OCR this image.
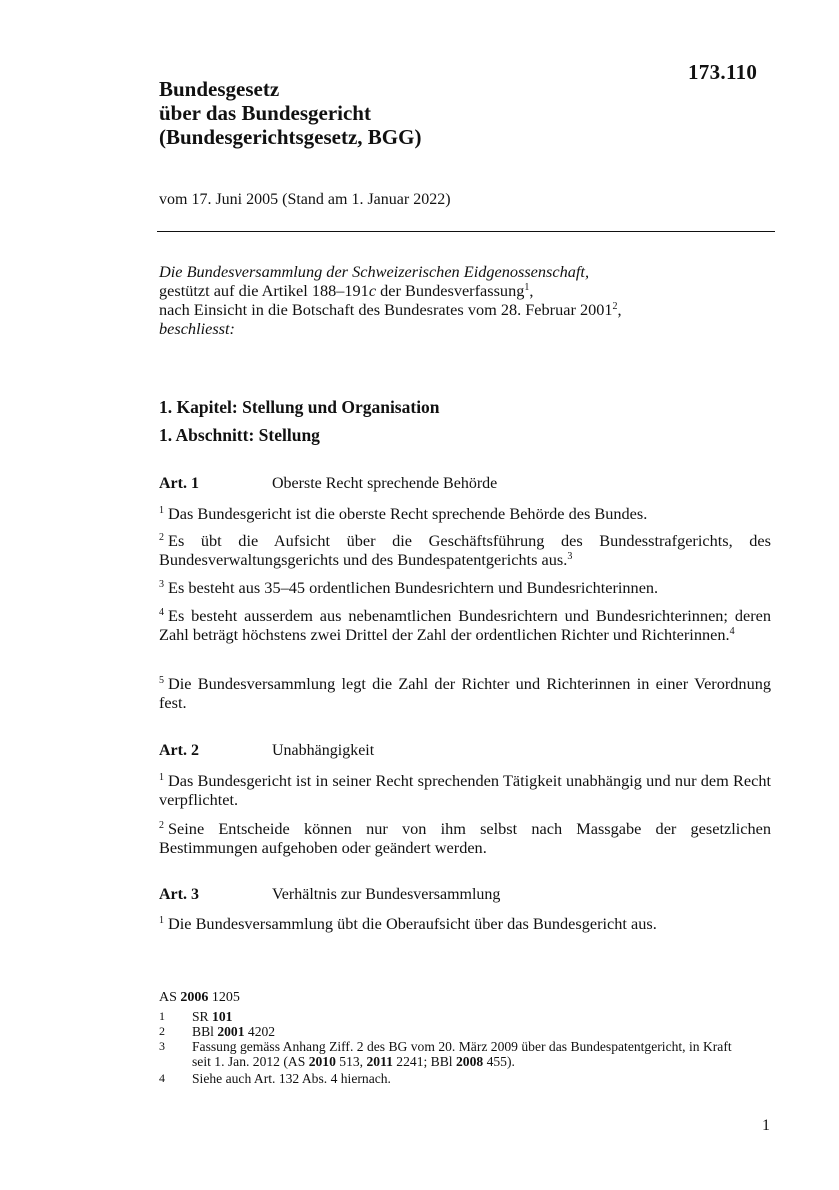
173.110
Bundesgesetz
über das Bundesgericht
(Bundesgerichtsgesetz, BGG)
vom 17. Juni 2005 (Stand am 1. Januar 2022)
Die Bundesversammlung der Schweizerischen Eidgenossenschaft,
gestützt auf die Artikel 188–191c der Bundesverfassung$^1$,
nach Einsicht in die Botschaft des Bundesrates vom 28. Februar 2001$^2$,
beschliesst:
1. Kapitel: Stellung und Organisation
1. Abschnitt: Stellung
Art. 1	Oberste Recht sprechende Behörde
$^1$ Das Bundesgericht ist die oberste Recht sprechende Behörde des Bundes.
$^2$ Es übt die Aufsicht über die Geschäftsführung des Bundesstrafgerichts, des Bundesverwaltungsgerichts und des Bundespatentgerichts aus.$^3$
$^3$ Es besteht aus 35–45 ordentlichen Bundesrichtern und Bundesrichterinnen.
$^4$ Es besteht ausserdem aus nebenamtlichen Bundesrichtern und Bundesrichterinnen; deren Zahl beträgt höchstens zwei Drittel der Zahl der ordentlichen Richter und Richterinnen.$^4$
$^5$ Die Bundesversammlung legt die Zahl der Richter und Richterinnen in einer Verordnung fest.
Art. 2	Unabhängigkeit
$^1$ Das Bundesgericht ist in seiner Recht sprechenden Tätigkeit unabhängig und nur dem Recht verpflichtet.
$^2$ Seine Entscheide können nur von ihm selbst nach Massgabe der gesetzlichen Bestimmungen aufgehoben oder geändert werden.
Art. 3	Verhältnis zur Bundesversammlung
$^1$ Die Bundesversammlung übt die Oberaufsicht über das Bundesgericht aus.
AS 2006 1205
1 SR 101
2 BBl 2001 4202
3 Fassung gemäss Anhang Ziff. 2 des BG vom 20. März 2009 über das Bundespatentgericht, in Kraft seit 1. Jan. 2012 (AS 2010 513, 2011 2241; BBl 2008 455).
4 Siehe auch Art. 132 Abs. 4 hiernach.
1
